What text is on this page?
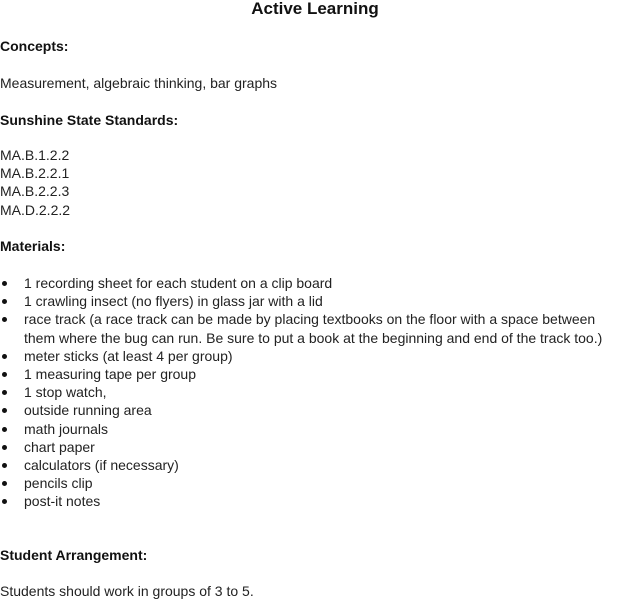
Active Learning
Concepts:
Measurement, algebraic thinking, bar graphs
Sunshine State Standards:
MA.B.1.2.2
MA.B.2.2.1
MA.B.2.2.3
MA.D.2.2.2
Materials:
1 recording sheet for each student on a clip board
1 crawling insect (no flyers) in glass jar with a lid
race track (a race track can be made by placing textbooks on the floor with a space between them where the bug can run. Be sure to put a book at the beginning and end of the track too.)
meter sticks (at least 4 per group)
1 measuring tape per group
1 stop watch,
outside running area
math journals
chart paper
calculators (if necessary)
pencils clip
post-it notes
Student Arrangement:
Students should work in groups of 3 to 5.
